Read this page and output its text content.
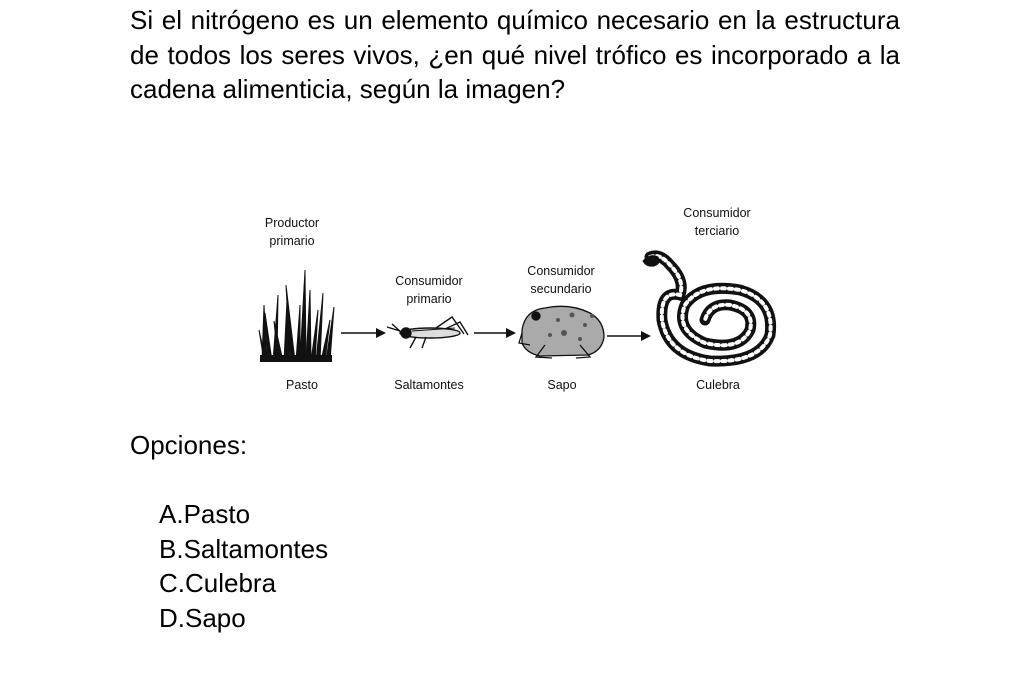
Si el nitrógeno es un elemento químico necesario en la estructura de todos los seres vivos, ¿en qué nivel trófico es incorporado a la cadena alimenticia, según la imagen?
Productor
primario
Consumidor
primario
Consumidor
secundario
Consumidor
terciario
Pasto	Saltamontes	Sapo	Culebra
Opciones:
A. Pasto
B. Saltamontes
C. Culebra
D. Sapo
